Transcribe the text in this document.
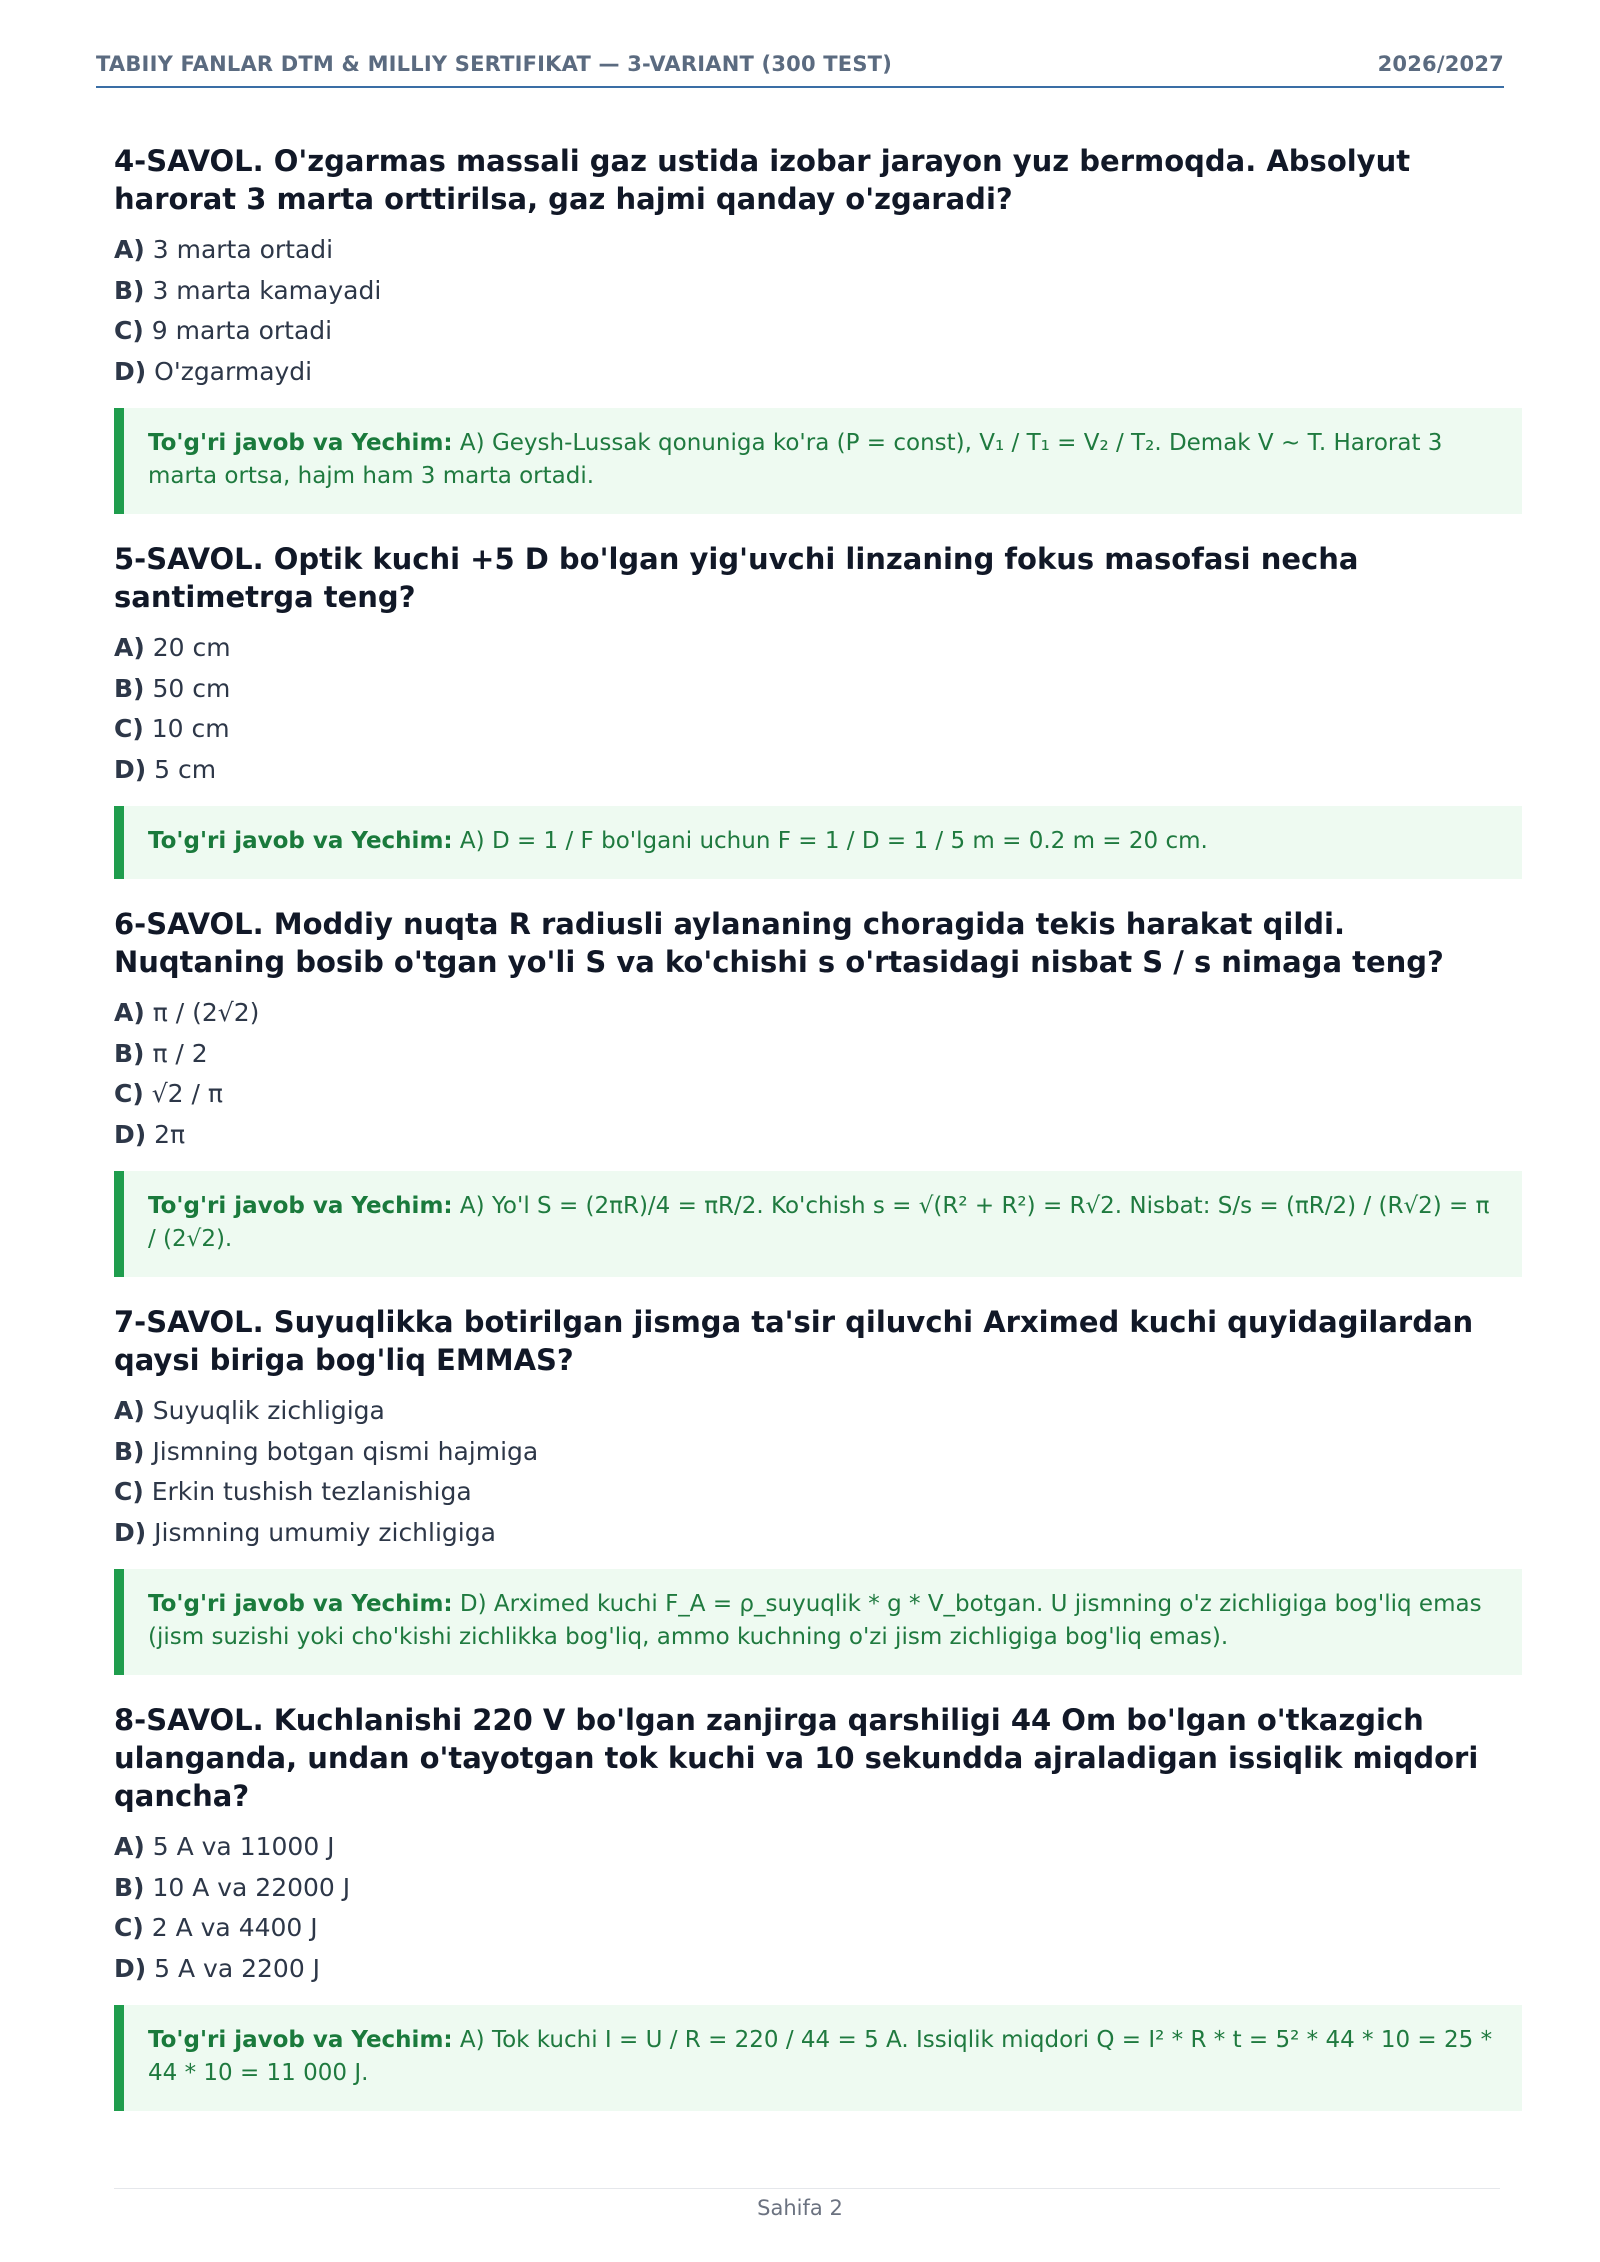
TABIIY FANLAR DTM & MILLIY SERTIFIKAT — 3-VARIANT (300 TEST)	2026/2027
4-SAVOL. O'zgarmas massali gaz ustida izobar jarayon yuz bermoqda. Absolyut harorat 3 marta orttirilsa, gaz hajmi qanday o'zgaradi?
A) 3 marta ortadi
B) 3 marta kamayadi
C) 9 marta ortadi
D) O'zgarmaydi
To'g'ri javob va Yechim: A) Geysh-Lussak qonuniga ko'ra (P = const), V₁ / T₁ = V₂ / T₂. Demak V ~ T. Harorat 3 marta ortsa, hajm ham 3 marta ortadi.
5-SAVOL. Optik kuchi +5 D bo'lgan yig'uvchi linzaning fokus masofasi necha santimetrga teng?
A) 20 cm
B) 50 cm
C) 10 cm
D) 5 cm
To'g'ri javob va Yechim: A) D = 1 / F bo'lgani uchun F = 1 / D = 1 / 5 m = 0.2 m = 20 cm.
6-SAVOL. Moddiy nuqta R radiusli aylananing choragida tekis harakat qildi. Nuqtaning bosib o'tgan yo'li S va ko'chishi s o'rtasidagi nisbat S / s nimaga teng?
A) π / (2√2)
B) π / 2
C) √2 / π
D) 2π
To'g'ri javob va Yechim: A) Yo'l S = (2πR)/4 = πR/2. Ko'chish s = √(R² + R²) = R√2. Nisbat: S/s = (πR/2) / (R√2) = π / (2√2).
7-SAVOL. Suyuqlikka botirilgan jismga ta'sir qiluvchi Arximed kuchi quyidagilardan qaysi biriga bog'liq EMMAS?
A) Suyuqlik zichligiga
B) Jismning botgan qismi hajmiga
C) Erkin tushish tezlanishiga
D) Jismning umumiy zichligiga
To'g'ri javob va Yechim: D) Arximed kuchi F_A = ρ_suyuqlik * g * V_botgan. U jismning o'z zichligiga bog'liq emas (jism suzishi yoki cho'kishi zichlikka bog'liq, ammo kuchning o'zi jism zichligiga bog'liq emas).
8-SAVOL. Kuchlanishi 220 V bo'lgan zanjirga qarshiligi 44 Om bo'lgan o'tkazgich ulanganda, undan o'tayotgan tok kuchi va 10 sekundda ajraladigan issiqlik miqdori qancha?
A) 5 A va 11000 J
B) 10 A va 22000 J
C) 2 A va 4400 J
D) 5 A va 2200 J
To'g'ri javob va Yechim: A) Tok kuchi I = U / R = 220 / 44 = 5 A. Issiqlik miqdori Q = I² * R * t = 5² * 44 * 10 = 25 * 44 * 10 = 11 000 J.
Sahifa 2
